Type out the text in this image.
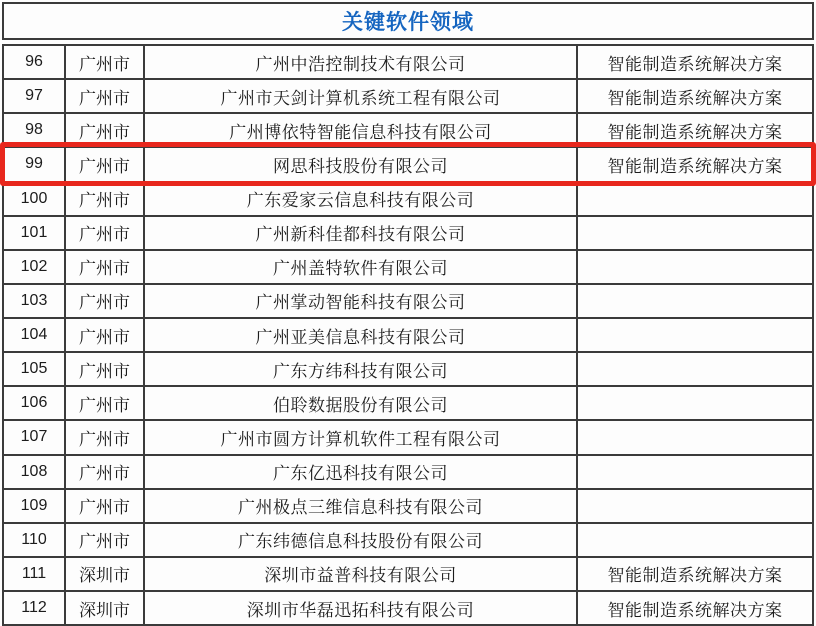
关键软件领域
96	广州市	广州中浩控制技术有限公司	智能制造系统解决方案
97	广州市	广州市天剑计算机系统工程有限公司	智能制造系统解决方案
98	广州市	广州博依特智能信息科技有限公司	智能制造系统解决方案
99	广州市	网思科技股份有限公司	智能制造系统解决方案
100	广州市	广东爱家云信息科技有限公司
101	广州市	广州新科佳都科技有限公司
102	广州市	广州盖特软件有限公司
103	广州市	广州掌动智能科技有限公司
104	广州市	广州亚美信息科技有限公司
105	广州市	广东方纬科技有限公司
106	广州市	伯聆数据股份有限公司
107	广州市	广州市圆方计算机软件工程有限公司
108	广州市	广东亿迅科技有限公司
109	广州市	广州极点三维信息科技有限公司
110	广州市	广东纬德信息科技股份有限公司
111	深圳市	深圳市益普科技有限公司	智能制造系统解决方案
112	深圳市	深圳市华磊迅拓科技有限公司	智能制造系统解决方案
